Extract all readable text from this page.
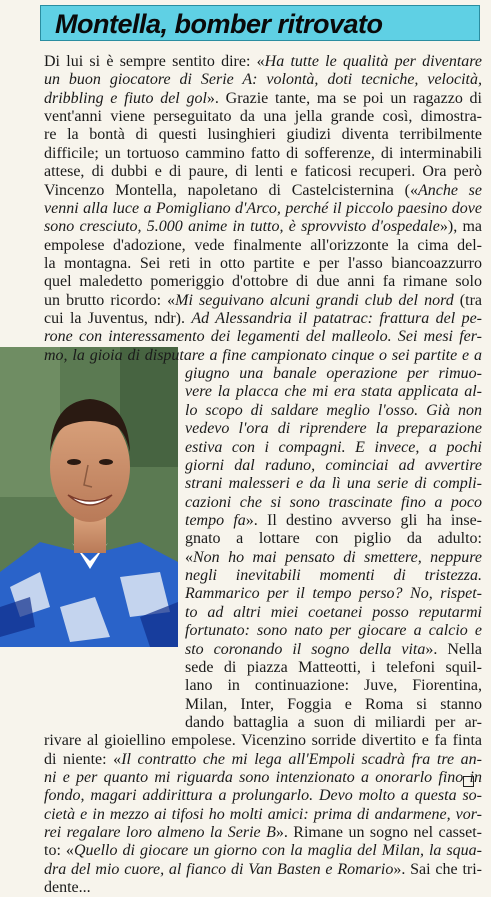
Montella, bomber ritrovato
Di lui si è sempre sentito dire: «Ha tutte le qualità per diventare
un buon giocatore di Serie A: volontà, doti tecniche, velocità,
dribbling e fiuto del gol». Grazie tante, ma se poi un ragazzo di
vent'anni viene perseguitato da una jella grande così, dimostra-
re la bontà di questi lusinghieri giudizi diventa terribilmente
difficile; un tortuoso cammino fatto di sofferenze, di interminabili
attese, di dubbi e di paure, di lenti e faticosi recuperi. Ora però
Vincenzo Montella, napoletano di Castelcisternina («Anche se
venni alla luce a Pomigliano d'Arco, perché il piccolo paesino dove
sono cresciuto, 5.000 anime in tutto, è sprovvisto d'ospedale»), ma
empolese d'adozione, vede finalmente all'orizzonte la cima del-
la montagna. Sei reti in otto partite e per l'asso biancoazzurro
quel maledetto pomeriggio d'ottobre di due anni fa rimane solo
un brutto ricordo: «Mi seguivano alcuni grandi club del nord (tra
cui la Juventus, ndr). Ad Alessandria il patatrac: frattura del pe-
rone con interessamento dei legamenti del malleolo. Sei mesi fer-
mo, la gioia di disputare a fine campionato cinque o sei partite e a
giugno una banale operazione per rimuo-
vere la placca che mi era stata applicata al-
lo scopo di saldare meglio l'osso. Già non
vedevo l'ora di riprendere la preparazione
estiva con i compagni. E invece, a pochi
giorni dal raduno, cominciai ad avvertire
strani malesseri e da lì una serie di compli-
cazioni che si sono trascinate fino a poco
tempo fa». Il destino avverso gli ha inse-
gnato a lottare con piglio da adulto:
«Non ho mai pensato di smettere, neppure
negli inevitabili momenti di tristezza.
Rammarico per il tempo perso? No, rispet-
to ad altri miei coetanei posso reputarmi
fortunato: sono nato per giocare a calcio e
sto coronando il sogno della vita». Nella
sede di piazza Matteotti, i telefoni squil-
lano in continuazione: Juve, Fiorentina,
Milan, Inter, Foggia e Roma si stanno
dando battaglia a suon di miliardi per ar-
rivare al gioiellino empolese. Vicenzino sorride divertito e fa finta
di niente: «Il contratto che mi lega all'Empoli scadrà fra tre an-
ni e per quanto mi riguarda sono intenzionato a onorarlo fino in
fondo, magari addirittura a prolungarlo. Devo molto a questa so-
cietà e in mezzo ai tifosi ho molti amici: prima di andarmene, vor-
rei regalare loro almeno la Serie B». Rimane un sogno nel casset-
to: «Quello di giocare un giorno con la maglia del Milan, la squa-
dra del mio cuore, al fianco di Van Basten e Romario». Sai che tri-
dente...
